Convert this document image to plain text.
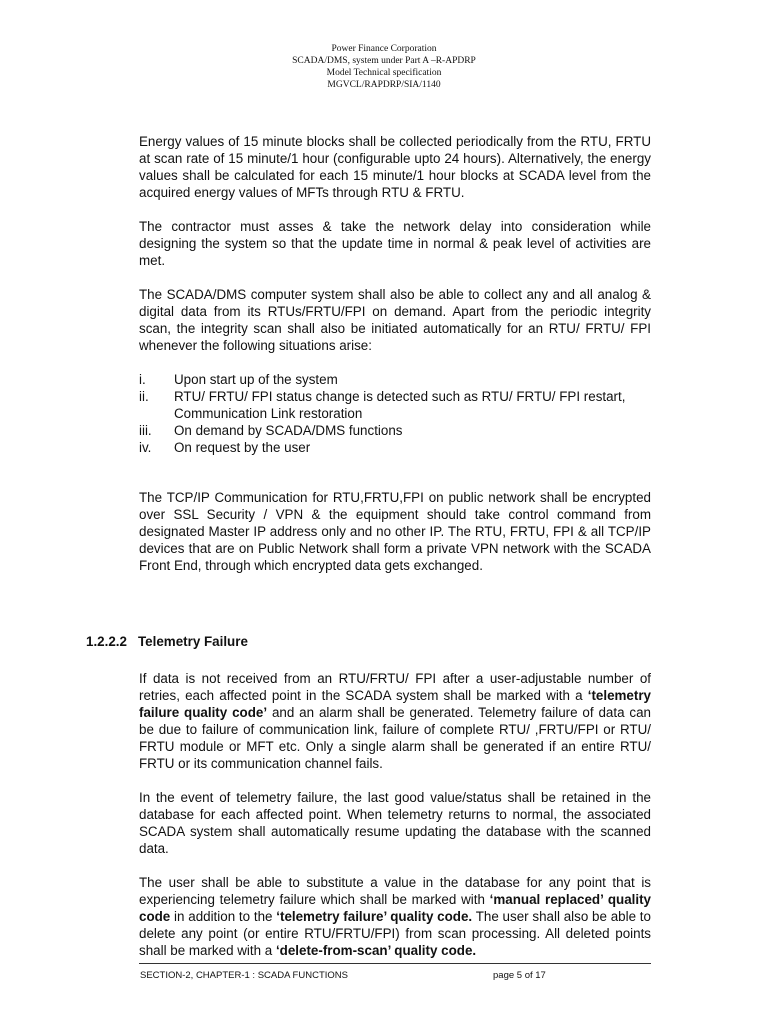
Power Finance Corporation
SCADA/DMS, system under Part A –R-APDRP
Model Technical specification
MGVCL/RAPDRP/SIA/1140

Energy values of 15 minute blocks shall be collected periodically from the RTU, FRTU at scan rate of 15 minute/1 hour (configurable upto 24 hours). Alternatively, the energy values shall be calculated for each 15 minute/1 hour blocks at SCADA level from the acquired energy values of MFTs through RTU & FRTU.

The contractor must asses & take the network delay into consideration while designing the system so that the update time in normal & peak level of activities are met.

The SCADA/DMS computer system shall also be able to collect any and all analog & digital data from its RTUs/FRTU/FPI on demand. Apart from the periodic integrity scan, the integrity scan shall also be initiated automatically for an RTU/ FRTU/ FPI whenever the following situations arise:

i.	Upon start up of the system
ii.	RTU/ FRTU/ FPI status change is detected such as RTU/ FRTU/ FPI restart, Communication Link restoration
iii.	On demand by SCADA/DMS functions
iv.	On request by the user

The TCP/IP Communication for RTU,FRTU,FPI on public network shall be encrypted over SSL Security / VPN & the equipment should take control command from designated Master IP address only and no other IP. The RTU, FRTU, FPI & all TCP/IP devices that are on Public Network shall form a private VPN network with the SCADA Front End, through which encrypted data gets exchanged.

1.2.2.2 Telemetry Failure

If data is not received from an RTU/FRTU/ FPI after a user-adjustable number of retries, each affected point in the SCADA system shall be marked with a ‘telemetry failure quality code’ and an alarm shall be generated. Telemetry failure of data can be due to failure of communication link, failure of complete RTU/ ,FRTU/FPI or RTU/ FRTU module or MFT etc. Only a single alarm shall be generated if an entire RTU/ FRTU or its communication channel fails.

In the event of telemetry failure, the last good value/status shall be retained in the database for each affected point. When telemetry returns to normal, the associated SCADA system shall automatically resume updating the database with the scanned data.

The user shall be able to substitute a value in the database for any point that is experiencing telemetry failure which shall be marked with ‘manual replaced’ quality code in addition to the ‘telemetry failure’ quality code. The user shall also be able to delete any point (or entire RTU/FRTU/FPI) from scan processing. All deleted points shall be marked with a ‘delete-from-scan’ quality code.

SECTION-2, CHAPTER-1 : SCADA FUNCTIONS	page 5 of 17
